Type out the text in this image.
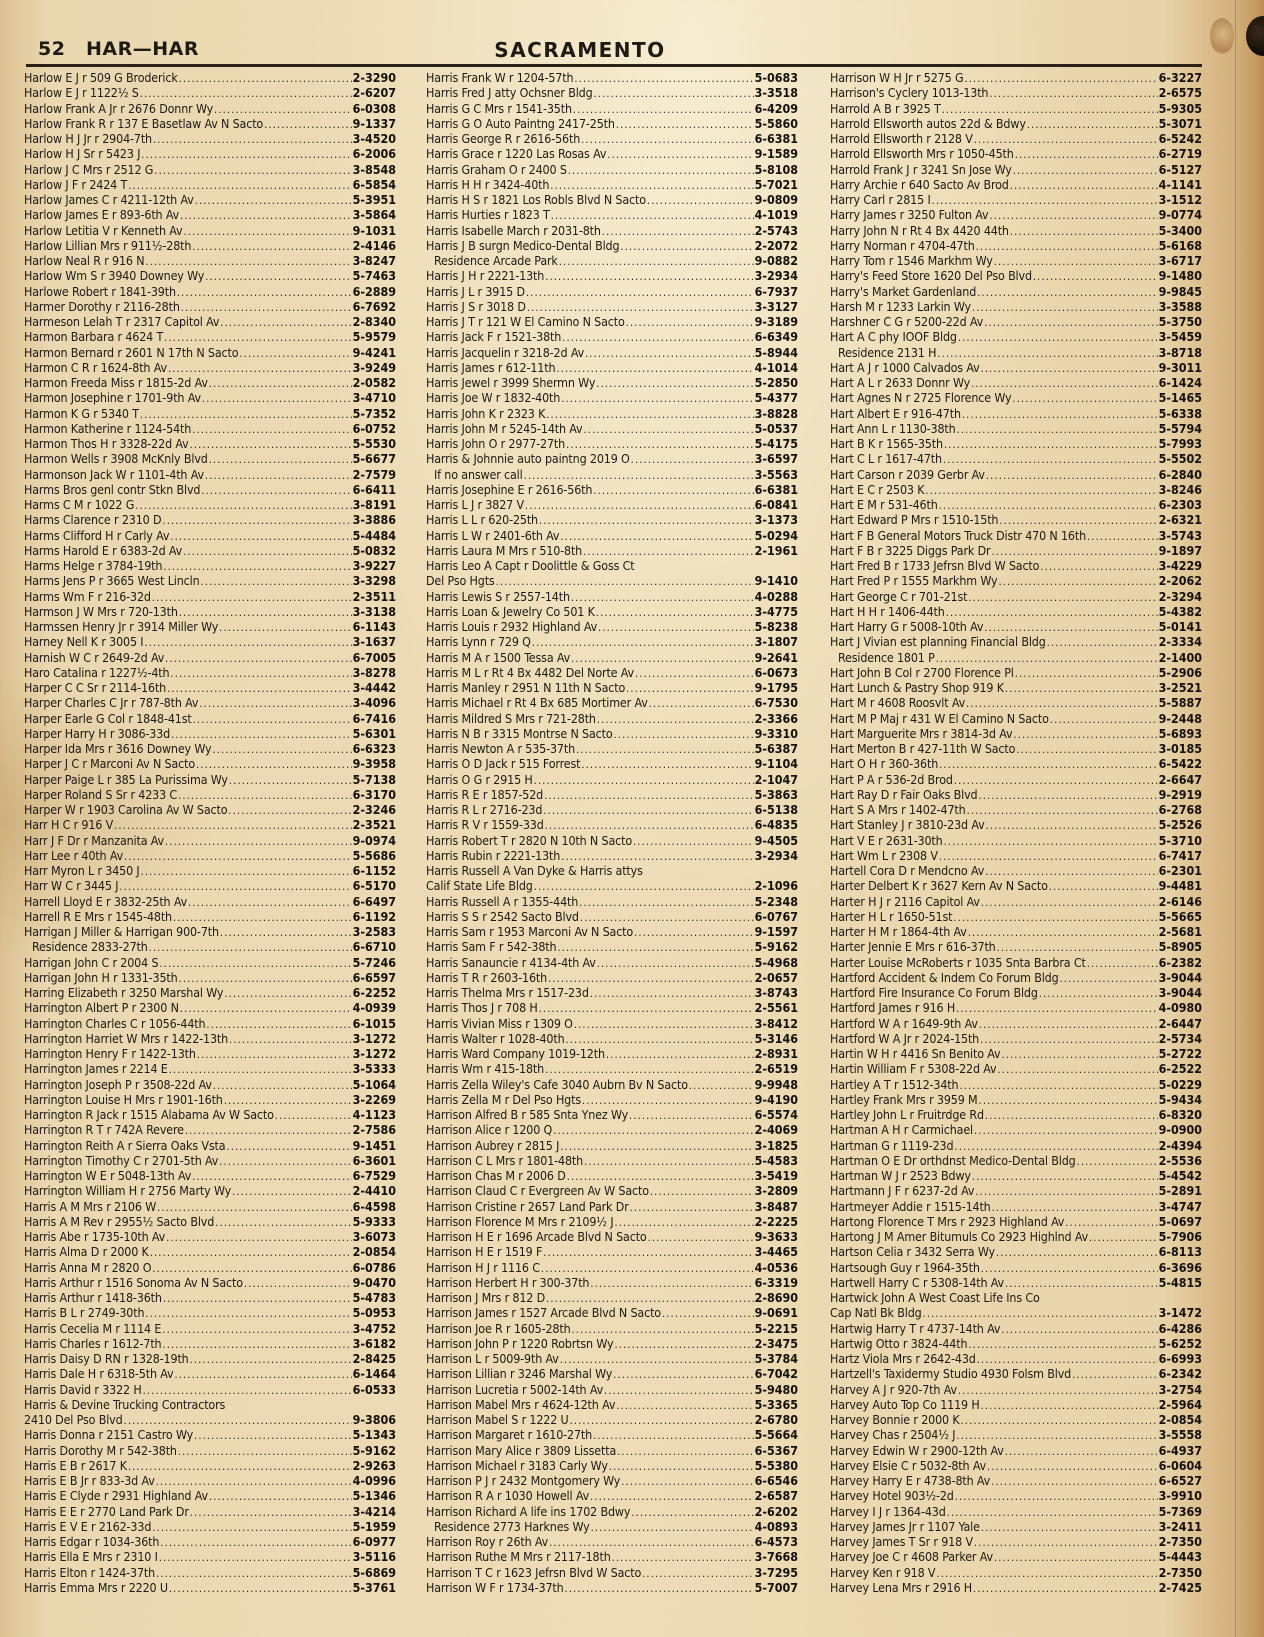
52 HAR—HAR	SACRAMENTO
Harlow E J r 509 G Broderick . . .	2-3290
Harlow E J r 1122½ S . . .	2-6207
Harlow Frank A Jr r 2676 Donnr Wy . . .	6-0308
Harlow Frank R r 137 E Basetlaw Av N Sacto . . .	9-1337
Harlow H J Jr r 2904-7th . . .	3-4520
Harlow H J Sr r 5423 J . . .	6-2006
Harlow J C Mrs r 2512 G . . .	3-8548
Harlow J F r 2424 T . . .	6-5854
Harlow James C r 4211-12th Av . . .	5-3951
Harlow James E r 893-6th Av . . .	3-5864
Harlow Letitia V r Kenneth Av . . .	9-1031
Harlow Lillian Mrs r 911½-28th . . .	2-4146
Harlow Neal R r 916 N . . .	3-8247
Harlow Wm S r 3940 Downey Wy . . .	5-7463
Harlowe Robert r 1841-39th . . .	6-2889
Harmer Dorothy r 2116-28th . . .	6-7692
Harmeson Lelah T r 2317 Capitol Av . . .	2-8340
Harmon Barbara r 4624 T . . .	5-9579
Harmon Bernard r 2601 N 17th N Sacto . . .	9-4241
Harmon C R r 1624-8th Av . . .	3-9249
Harmon Freeda Miss r 1815-2d Av . . .	2-0582
Harmon Josephine r 1701-9th Av . . .	3-4710
Harmon K G r 5340 T . . .	5-7352
Harmon Katherine r 1124-54th . . .	6-0752
Harmon Thos H r 3328-22d Av . . .	5-5530
Harmon Wells r 3908 McKnly Blvd . . .	5-6677
Harmonson Jack W r 1101-4th Av . . .	2-7579
Harms Bros genl contr Stkn Blvd . . .	6-6411
Harms C M r 1022 G . . .	3-8191
Harms Clarence r 2310 D . . .	3-3886
Harms Clifford H r Carly Av . . .	5-4484
Harms Harold E r 6383-2d Av . . .	5-0832
Harms Helge r 3784-19th . . .	3-9227
Harms Jens P r 3665 West Lincln . . .	3-3298
Harms Wm F r 216-32d . . .	2-3511
Harmson J W Mrs r 720-13th . . .	3-3138
Harmssen Henry Jr r 3914 Miller Wy . . .	6-1143
Harney Nell K r 3005 I . . .	3-1637
Harnish W C r 2649-2d Av . . .	6-7005
Haro Catalina r 1227½-4th . . .	3-8278
Harper C C Sr r 2114-16th . . .	3-4442
Harper Charles C Jr r 787-8th Av . . .	3-4096
Harper Earle G Col r 1848-41st . . .	6-7416
Harper Harry H r 3086-33d . . .	5-6301
Harper Ida Mrs r 3616 Downey Wy . . .	6-6323
Harper J C r Marconi Av N Sacto . . .	9-3958
Harper Paige L r 385 La Purissima Wy . . .	5-7138
Harper Roland S Sr r 4233 C . . .	6-3170
Harper W r 1903 Carolina Av W Sacto . . .	2-3246
Harr H C r 916 V . . .	2-3521
Harr J F Dr r Manzanita Av . . .	9-0974
Harr Lee r 40th Av . . .	5-5686
Harr Myron L r 3450 J . . .	6-1152
Harr W C r 3445 J . . .	6-5170
Harrell Lloyd E r 3832-25th Av . . .	6-6497
Harrell R E Mrs r 1545-48th . . .	6-1192
Harrigan J Miller & Harrigan 900-7th . . .	3-2583
Residence 2833-27th . . .	6-6710
Harrigan John C r 2004 S . . .	5-7246
Harrigan John H r 1331-35th . . .	6-6597
Harring Elizabeth r 3250 Marshal Wy . . .	6-2252
Harrington Albert P r 2300 N . . .	4-0939
Harrington Charles C r 1056-44th . . .	6-1015
Harrington Harriet W Mrs r 1422-13th . . .	3-1272
Harrington Henry F r 1422-13th . . .	3-1272
Harrington James r 2214 E . . .	3-5333
Harrington Joseph P r 3508-22d Av . . .	5-1064
Harrington Louise H Mrs r 1901-16th . . .	3-2269
Harrington R Jack r 1515 Alabama Av W Sacto . . .	4-1123
Harrington R T r 742A Revere . . .	2-7586
Harrington Reith A r Sierra Oaks Vsta . . .	9-1451
Harrington Timothy C r 2701-5th Av . . .	6-3601
Harrington W E r 5048-13th Av . . .	6-7529
Harrington William H r 2756 Marty Wy . . .	2-4410
Harris A M Mrs r 2106 W . . .	6-4598
Harris A M Rev r 2955½ Sacto Blvd . . .	5-9333
Harris Abe r 1735-10th Av . . .	3-6073
Harris Alma D r 2000 K . . .	2-0854
Harris Anna M r 2820 O . . .	6-0786
Harris Arthur r 1516 Sonoma Av N Sacto . . .	9-0470
Harris Arthur r 1418-36th . . .	5-4783
Harris B L r 2749-30th . . .	5-0953
Harris Cecelia M r 1114 E . . .	3-4752
Harris Charles r 1612-7th . . .	3-6182
Harris Daisy D RN r 1328-19th . . .	2-8425
Harris Dale H r 6318-5th Av . . .	6-1464
Harris David r 3322 H . . .	6-0533
Harris & Devine Trucking Contractors
2410 Del Pso Blvd . . .	9-3806
Harris Donna r 2151 Castro Wy . . .	5-1343
Harris Dorothy M r 542-38th . . .	5-9162
Harris E B r 2617 K . . .	2-9263
Harris E B Jr r 833-3d Av . . .	4-0996
Harris E Clyde r 2931 Highland Av . . .	5-1346
Harris E E r 2770 Land Park Dr . . .	3-4214
Harris E V E r 2162-33d . . .	5-1959
Harris Edgar r 1034-36th . . .	6-0977
Harris Ella E Mrs r 2310 I . . .	3-5116
Harris Elton r 1424-37th . . .	5-6869
Harris Emma Mrs r 2220 U . . .	5-3761
Harris Frank W r 1204-57th . . .	5-0683
Harris Fred J atty Ochsner Bldg . . .	3-3518
Harris G C Mrs r 1541-35th . . .	6-4209
Harris G O Auto Paintng 2417-25th . . .	5-5860
Harris George R r 2616-56th . . .	6-6381
Harris Grace r 1220 Las Rosas Av . . .	9-1589
Harris Graham O r 2400 S . . .	5-8108
Harris H H r 3424-40th . . .	5-7021
Harris H S r 1821 Los Robls Blvd N Sacto . . .	9-0809
Harris Hurties r 1823 T . . .	4-1019
Harris Isabelle March r 2031-8th . . .	2-5743
Harris J B surgn Medico-Dental Bldg . . .	2-2072
Residence Arcade Park . . .	9-0882
Harris J H r 2221-13th . . .	3-2934
Harris J L r 3915 D . . .	6-7937
Harris J S r 3018 D . . .	3-3127
Harris J T r 121 W El Camino N Sacto . . .	9-3189
Harris Jack F r 1521-38th . . .	6-6349
Harris Jacquelin r 3218-2d Av . . .	5-8944
Harris James r 612-11th . . .	4-1014
Harris Jewel r 3999 Shermn Wy . . .	5-2850
Harris Joe W r 1832-40th . . .	5-4377
Harris John K r 2323 K . . .	3-8828
Harris John M r 5245-14th Av . . .	5-0537
Harris John O r 2977-27th . . .	5-4175
Harris & Johnnie auto paintng 2019 O . . .	3-6597
If no answer call . . .	3-5563
Harris Josephine E r 2616-56th . . .	6-6381
Harris L J r 3827 V . . .	6-0841
Harris L L r 620-25th . . .	3-1373
Harris L W r 2401-6th Av . . .	5-0294
Harris Laura M Mrs r 510-8th . . .	2-1961
Harris Leo A Capt r Doolittle & Goss Ct
Del Pso Hgts . . .	9-1410
Harris Lewis S r 2557-14th . . .	4-0288
Harris Loan & Jewelry Co 501 K . . .	3-4775
Harris Louis r 2932 Highland Av . . .	5-8238
Harris Lynn r 729 Q . . .	3-1807
Harris M A r 1500 Tessa Av . . .	9-2641
Harris M L r Rt 4 Bx 4482 Del Norte Av . . .	6-0673
Harris Manley r 2951 N 11th N Sacto . . .	9-1795
Harris Michael r Rt 4 Bx 685 Mortimer Av . . .	6-7530
Harris Mildred S Mrs r 721-28th . . .	2-3366
Harris N B r 3315 Montrse N Sacto . . .	9-3310
Harris Newton A r 535-37th . . .	5-6387
Harris O D Jack r 515 Forrest . . .	9-1104
Harris O G r 2915 H . . .	2-1047
Harris R E r 1857-52d . . .	5-3863
Harris R L r 2716-23d . . .	6-5138
Harris R V r 1559-33d . . .	6-4835
Harris Robert T r 2820 N 10th N Sacto . . .	9-4505
Harris Rubin r 2221-13th . . .	3-2934
Harris Russell A Van Dyke & Harris attys
Calif State Life Bldg . . .	2-1096
Harris Russell A r 1355-44th . . .	5-2348
Harris S S r 2542 Sacto Blvd . . .	6-0767
Harris Sam r 1953 Marconi Av N Sacto . . .	9-1597
Harris Sam F r 542-38th . . .	5-9162
Harris Sanauncie r 4134-4th Av . . .	5-4968
Harris T R r 2603-16th . . .	2-0657
Harris Thelma Mrs r 1517-23d . . .	3-8743
Harris Thos J r 708 H . . .	2-5561
Harris Vivian Miss r 1309 O . . .	3-8412
Harris Walter r 1028-40th . . .	5-3146
Harris Ward Company 1019-12th . . .	2-8931
Harris Wm r 415-18th . . .	2-6519
Harris Zella Wiley's Cafe 3040 Aubrn Bv N Sacto . . .	9-9948
Harris Zella M r Del Pso Hgts . . .	9-4190
Harrison Alfred B r 585 Snta Ynez Wy . . .	6-5574
Harrison Alice r 1200 Q . . .	2-4069
Harrison Aubrey r 2815 J . . .	3-1825
Harrison C L Mrs r 1801-48th . . .	5-4583
Harrison Chas M r 2006 D . . .	3-5419
Harrison Claud C r Evergreen Av W Sacto . . .	3-2809
Harrison Cristine r 2657 Land Park Dr . . .	3-8487
Harrison Florence M Mrs r 2109½ J . . .	2-2225
Harrison H E r 1696 Arcade Blvd N Sacto . . .	9-3633
Harrison H E r 1519 F . . .	3-4465
Harrison H J r 1116 C . . .	4-0536
Harrison Herbert H r 300-37th . . .	6-3319
Harrison J Mrs r 812 D . . .	2-8690
Harrison James r 1527 Arcade Blvd N Sacto . . .	9-0691
Harrison Joe R r 1605-28th . . .	5-2215
Harrison John P r 1220 Robrtsn Wy . . .	2-3475
Harrison L r 5009-9th Av . . .	5-3784
Harrison Lillian r 3246 Marshal Wy . . .	6-7042
Harrison Lucretia r 5002-14th Av . . .	5-9480
Harrison Mabel Mrs r 4624-12th Av . . .	5-3365
Harrison Mabel S r 1222 U . . .	2-6780
Harrison Margaret r 1610-27th . . .	5-5664
Harrison Mary Alice r 3809 Lissetta . . .	6-5367
Harrison Michael r 3183 Carly Wy . . .	5-5380
Harrison P J r 2432 Montgomery Wy . . .	6-6546
Harrison R A r 1030 Howell Av . . .	2-6587
Harrison Richard A life ins 1702 Bdwy . . .	2-6202
Residence 2773 Harknes Wy . . .	4-0893
Harrison Roy r 26th Av . . .	6-4573
Harrison Ruthe M Mrs r 2117-18th . . .	3-7668
Harrison T C r 1623 Jefrsn Blvd W Sacto . . .	3-7295
Harrison W F r 1734-37th . . .	5-7007
Harrison W H Jr r 5275 G . . .	6-3227
Harrison's Cyclery 1013-13th . . .	2-6575
Harrold A B r 3925 T . . .	5-9305
Harrold Ellsworth autos 22d & Bdwy . . .	5-3071
Harrold Ellsworth r 2128 V . . .	6-5242
Harrold Ellsworth Mrs r 1050-45th . . .	6-2719
Harrold Frank J r 3241 Sn Jose Wy . . .	6-5127
Harry Archie r 640 Sacto Av Brod . . .	4-1141
Harry Carl r 2815 I . . .	3-1512
Harry James r 3250 Fulton Av . . .	9-0774
Harry John N r Rt 4 Bx 4420 44th . . .	5-3400
Harry Norman r 4704-47th . . .	5-6168
Harry Tom r 1546 Markhm Wy . . .	3-6717
Harry's Feed Store 1620 Del Pso Blvd . . .	9-1480
Harry's Market Gardenland . . .	9-9845
Harsh M r 1233 Larkin Wy . . .	3-3588
Harshner C G r 5200-22d Av . . .	5-3750
Hart A C phy IOOF Bldg . . .	3-5459
Residence 2131 H . . .	3-8718
Hart A J r 1000 Calvados Av . . .	9-3011
Hart A L r 2633 Donnr Wy . . .	6-1424
Hart Agnes N r 2725 Florence Wy . . .	5-1465
Hart Albert E r 916-47th . . .	5-6338
Hart Ann L r 1130-38th . . .	5-5794
Hart B K r 1565-35th . . .	5-7993
Hart C L r 1617-47th . . .	5-5502
Hart Carson r 2039 Gerbr Av . . .	6-2840
Hart E C r 2503 K . . .	3-8246
Hart E M r 531-46th . . .	6-2303
Hart Edward P Mrs r 1510-15th . . .	2-6321
Hart F B General Motors Truck Distr 470 N 16th . . .	3-5743
Hart F B r 3225 Diggs Park Dr . . .	9-1897
Hart Fred B r 1733 Jefrsn Blvd W Sacto . . .	3-4229
Hart Fred P r 1555 Markhm Wy . . .	2-2062
Hart George C r 701-21st . . .	2-3294
Hart H H r 1406-44th . . .	5-4382
Hart Harry G r 5008-10th Av . . .	5-0141
Hart J Vivian est planning Financial Bldg . . .	2-3334
Residence 1801 P . . .	2-1400
Hart John B Col r 2700 Florence Pl . . .	5-2906
Hart Lunch & Pastry Shop 919 K . . .	3-2521
Hart M r 4608 Roosvlt Av . . .	5-5887
Hart M P Maj r 431 W El Camino N Sacto . . .	9-2448
Hart Marguerite Mrs r 3814-3d Av . . .	5-6893
Hart Merton B r 427-11th W Sacto . . .	3-0185
Hart O H r 360-36th . . .	6-5422
Hart P A r 536-2d Brod . . .	2-6647
Hart Ray D r Fair Oaks Blvd . . .	9-2919
Hart S A Mrs r 1402-47th . . .	6-2768
Hart Stanley J r 3810-23d Av . . .	5-2526
Hart V E r 2631-30th . . .	5-3710
Hart Wm L r 2308 V . . .	6-7417
Hartell Cora D r Mendcno Av . . .	6-2301
Harter Delbert K r 3627 Kern Av N Sacto . . .	9-4481
Harter H J r 2116 Capitol Av . . .	2-6146
Harter H L r 1650-51st . . .	5-5665
Harter H M r 1864-4th Av . . .	2-5681
Harter Jennie E Mrs r 616-37th . . .	5-8905
Harter Louise McRoberts r 1035 Snta Barbra Ct . . .	6-2382
Hartford Accident & Indem Co Forum Bldg . . .	3-9044
Hartford Fire Insurance Co Forum Bldg . . .	3-9044
Hartford James r 916 H . . .	4-0980
Hartford W A r 1649-9th Av . . .	2-6447
Hartford W A Jr r 2024-15th . . .	2-5734
Hartin W H r 4416 Sn Benito Av . . .	5-2722
Hartin William F r 5308-22d Av . . .	6-2522
Hartley A T r 1512-34th . . .	5-0229
Hartley Frank Mrs r 3959 M . . .	5-9434
Hartley John L r Fruitrdge Rd . . .	6-8320
Hartman A H r Carmichael . . .	9-0900
Hartman G r 1119-23d . . .	2-4394
Hartman O E Dr orthdnst Medico-Dental Bldg . . .	2-5536
Hartman W J r 2523 Bdwy . . .	5-4542
Hartmann J F r 6237-2d Av . . .	5-2891
Hartmeyer Addie r 1515-14th . . .	3-4747
Hartong Florence T Mrs r 2923 Highland Av . . .	5-0697
Hartong J M Amer Bitumuls Co 2923 Highlnd Av . . .	5-7906
Hartson Celia r 3432 Serra Wy . . .	6-8113
Hartsough Guy r 1964-35th . . .	6-3696
Hartwell Harry C r 5308-14th Av . . .	5-4815
Hartwick John A West Coast Life Ins Co
Cap Natl Bk Bldg . . .	3-1472
Hartwig Harry T r 4737-14th Av . . .	6-4286
Hartwig Otto r 3824-44th . . .	5-6252
Hartz Viola Mrs r 2642-43d . . .	6-6993
Hartzell's Taxidermy Studio 4930 Folsm Blvd . . .	6-2342
Harvey A J r 920-7th Av . . .	3-2754
Harvey Auto Top Co 1119 H . . .	2-5964
Harvey Bonnie r 2000 K . . .	2-0854
Harvey Chas r 2504½ J . . .	3-5558
Harvey Edwin W r 2900-12th Av . . .	6-4937
Harvey Elsie C r 5032-8th Av . . .	6-0604
Harvey Harry E r 4738-8th Av . . .	6-6527
Harvey Hotel 903½-2d . . .	3-9910
Harvey I J r 1364-43d . . .	5-7369
Harvey James Jr r 1107 Yale . . .	3-2411
Harvey James T Sr r 918 V . . .	2-7350
Harvey Joe C r 4608 Parker Av . . .	5-4443
Harvey Ken r 918 V . . .	2-7350
Harvey Lena Mrs r 2916 H . . .	2-7425
